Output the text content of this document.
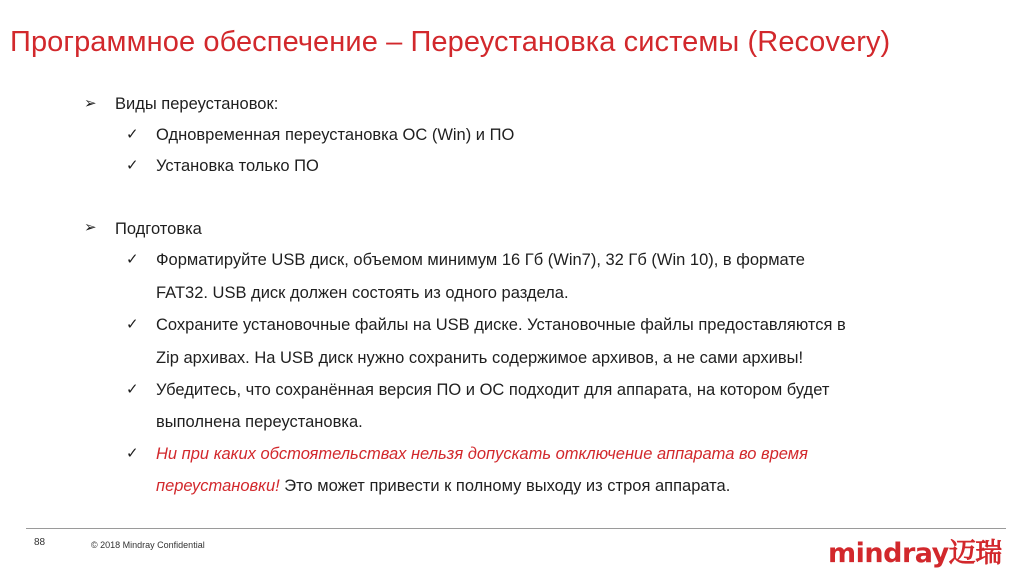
Программное обеспечение – Переустановка системы (Recovery)
➢ Виды переустановок:
✓ Одновременная переустановка ОС (Win) и ПО
✓ Установка только ПО
➢ Подготовка
✓ Форматируйте USB диск, объемом минимум 16 Гб (Win7), 32 Гб (Win 10), в формате
FAT32. USB диск должен состоять из одного раздела.
✓ Сохраните установочные файлы на USB диске. Установочные файлы предоставляются в
Zip архивах. На USB диск нужно сохранить содержимое архивов, а не сами архивы!
✓ Убедитесь, что сохранённая версия ПО и ОС подходит для аппарата, на котором будет
выполнена переустановка.
✓ Ни при каких обстоятельствах нельзя допускать отключение аппарата во время
переустановки! Это может привести к полному выходу из строя аппарата.
88	© 2018 Mindray Confidential	mindray迈瑞
